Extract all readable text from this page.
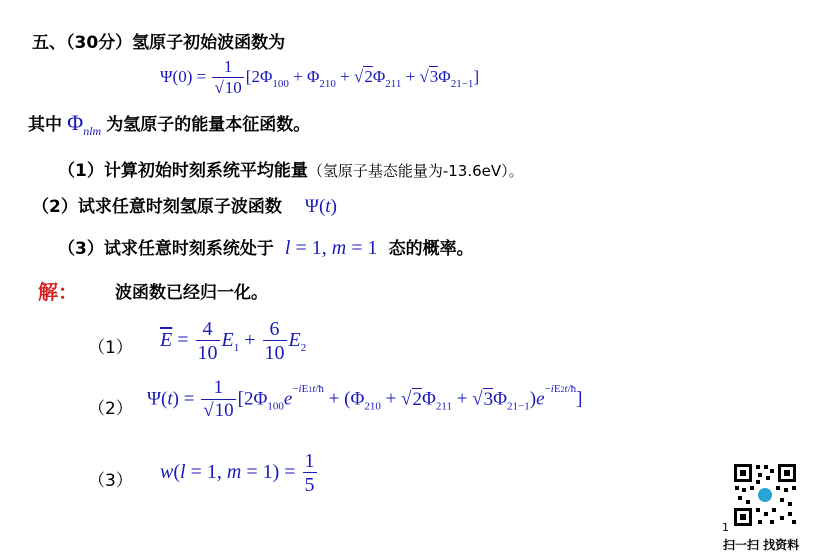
五、（30分）氢原子初始波函数为
$\Psi(0) = \frac{1}{√10} [2\Phi_{100} + \Phi_{210} + √2\Phi_{211} + √3\Phi_{21-1}]$
其中 $\Phi_{nlm}$ 为氢原子的能量本征函数。
（1）计算初始时刻系统平均能量（氢原子基态能量为-13.6eV）。
（2）试求任意时刻氢原子波函数 Ψ(t)
（3）试求任意时刻系统处于 l = 1, m = 1 态的概率。
解： 波函数已经归一化。
（1） $\overline{E} = \frac{4}{10} E_1 + \frac{6}{10} E_2$
（2） $\Psi(t) = \frac{1}{√10} [2\Phi_{100}e^{-iE1t/ħ} + (\Phi_{210} + √2\Phi_{211} + √3\Phi_{21-1})e^{-iE2t/ħ}]$
（3） w(l = 1, $m = 1) = \frac{1}{5}$
1
扫一扫 找资料
